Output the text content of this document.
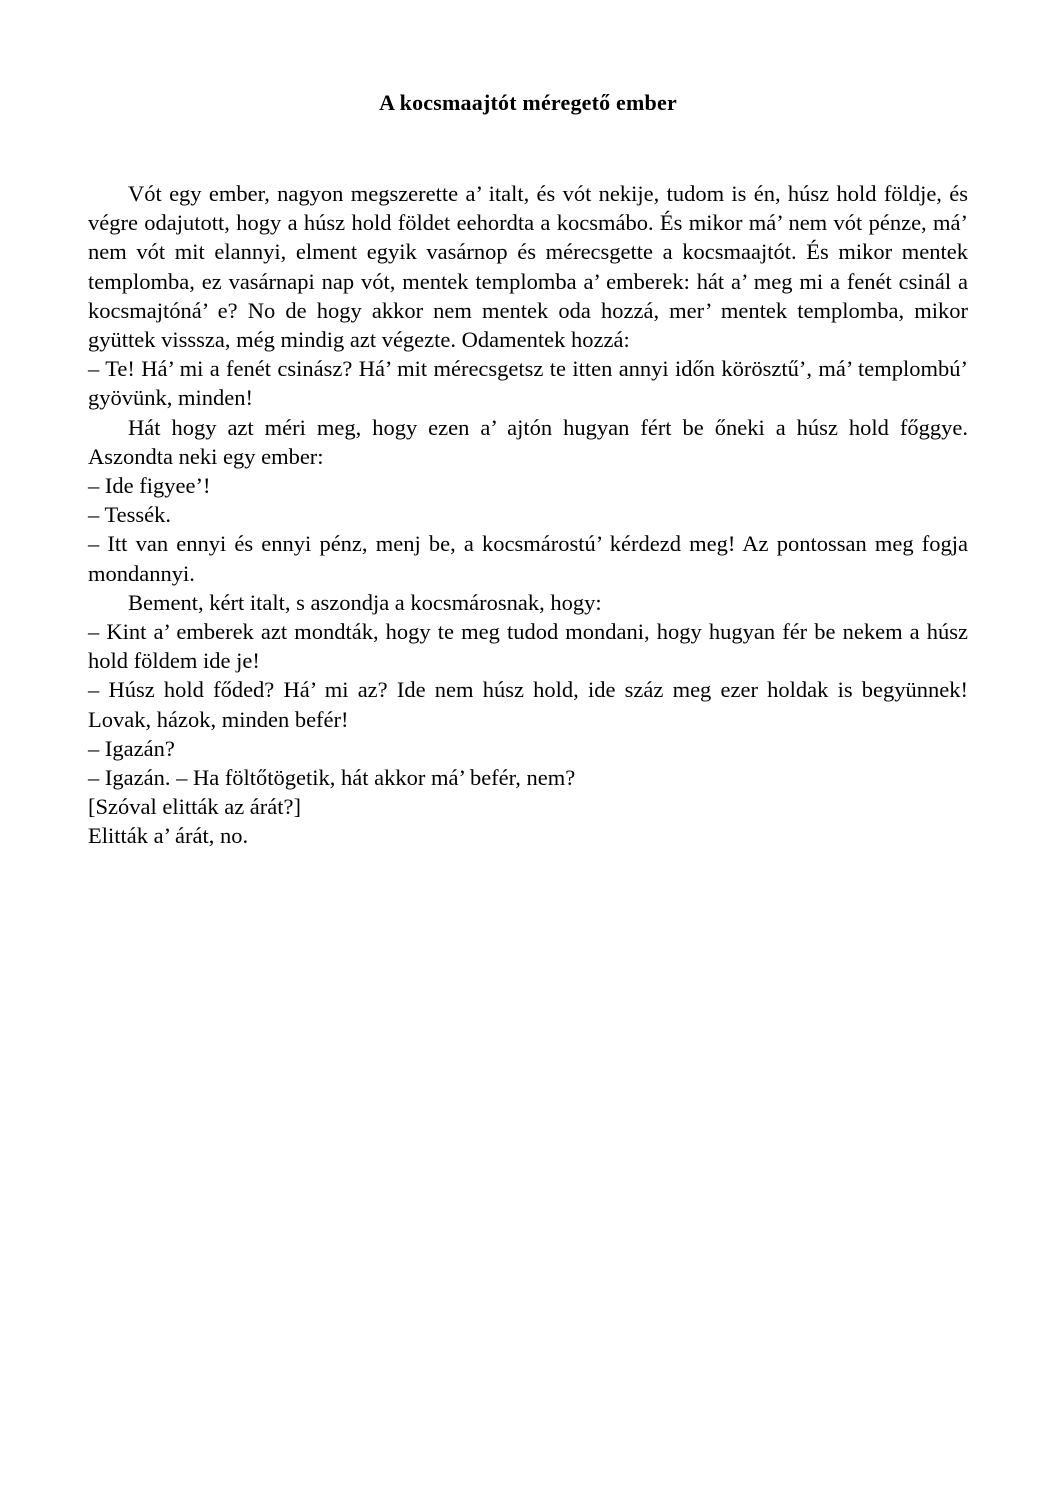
A kocsmaajtót méregető ember

Vót egy ember, nagyon megszerette a’ italt, és vót nekije, tudom is én, húsz hold földje, és végre odajutott, hogy a húsz hold földet eehordta a kocsmábo. És mikor má’ nem vót pénze, má’ nem vót mit elannyi, elment egyik vasárnop és mérecsgette a kocsmaajtót. És mikor mentek templomba, ez vasárnapi nap vót, mentek templomba a’ emberek: hát a’ meg mi a fenét csinál a kocsmajtóná’ e? No de hogy akkor nem mentek oda hozzá, mer’ mentek templomba, mikor gyüttek visssza, még mindig azt végezte. Odamentek hozzá:

– Te! Há’ mi a fenét csinász? Há’ mit mérecsgetsz te itten annyi időn körösztű’, má’ templombú’ gyövünk, minden!

Hát hogy azt méri meg, hogy ezen a’ ajtón hugyan fért be őneki a húsz hold főggye. Aszondta neki egy ember:

– Ide figyee’!

– Tessék.

– Itt van ennyi és ennyi pénz, menj be, a kocsmárostú’ kérdezd meg! Az pontossan meg fogja mondannyi.

Bement, kért italt, s aszondja a kocsmárosnak, hogy:

– Kint a’ emberek azt mondták, hogy te meg tudod mondani, hogy hugyan fér be nekem a húsz hold földem ide je!

– Húsz hold főded? Há’ mi az? Ide nem húsz hold, ide száz meg ezer holdak is begyünnek! Lovak, házok, minden befér!

– Igazán?

– Igazán. – Ha föltőtögetik, hát akkor má’ befér, nem?

[Szóval elitták az árát?]

Elitták a’ árát, no.
